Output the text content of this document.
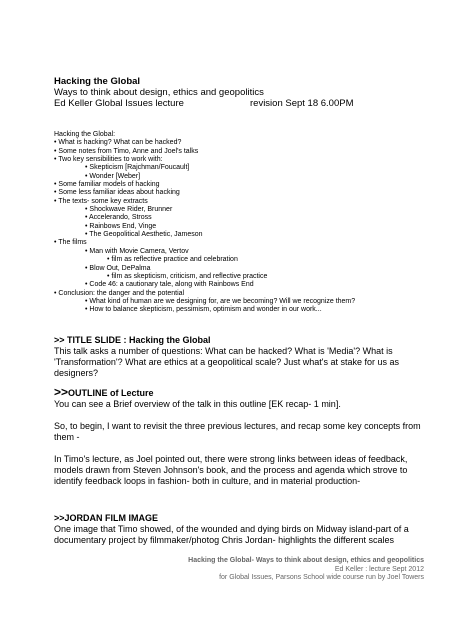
Hacking the Global
Ways to think about design, ethics and geopolitics
Ed Keller Global Issues lecture	revision Sept 18 6.00PM
Hacking the Global:
• What is hacking? What can be hacked?
• Some notes from Timo, Anne and Joel's talks
• Two key sensibilities to work with:
• Skepticism [Rajchman/Foucault]
• Wonder [Weber]
• Some familiar models of hacking
• Some less familiar ideas about hacking
• The texts- some key extracts
• Shockwave Rider, Brunner
• Accelerando, Stross
• Rainbows End, Vinge
• The Geopolitical Aesthetic, Jameson
• The films
• Man with Movie Camera, Vertov
• film as reflective practice and celebration
• Blow Out, DePalma
• film as skepticism, criticism, and reflective practice
• Code 46: a cautionary tale, along with Rainbows End
• Conclusion: the danger and the potential
• What kind of human are we designing for, are we becoming? Will we recognize them?
• How to balance skepticism, pessimism, optimism and wonder in our work...
>> TITLE SLIDE : Hacking the Global

This talk asks a number of questions: What can be hacked? What is 'Media'? What is 'Transformation'? What are ethics at a geopolitical scale? Just what's at stake for us as designers?

>>OUTLINE of Lecture

You can see a Brief overview of the talk in this outline [EK recap- 1 min].

So, to begin, I want to revisit the three previous lectures, and recap some key concepts from them -

In Timo's lecture, as Joel pointed out, there were strong links between ideas of feedback, models drawn from Steven Johnson's book, and the process and agenda which strove to identify feedback loops in fashion- both in culture, and in material production-

>>JORDAN FILM IMAGE

One image that Timo showed, of the wounded and dying birds on Midway island-part of a documentary project by filmmaker/photog Chris Jordan- highlights the different scales

Hacking the Global- Ways to think about design, ethics and geopolitics
Ed Keller : lecture Sept 2012
for Global Issues, Parsons School wide course run by Joel Towers
